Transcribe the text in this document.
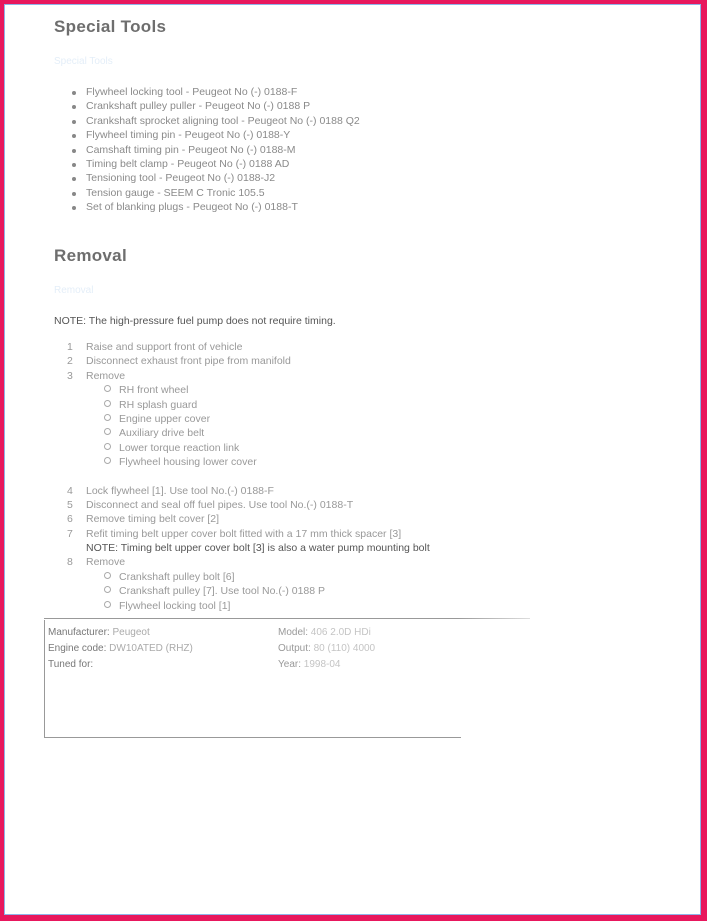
Special Tools
Special Tools
Flywheel locking tool - Peugeot No (-) 0188-F
Crankshaft pulley puller - Peugeot No (-) 0188 P
Crankshaft sprocket aligning tool - Peugeot No (-) 0188 Q2
Flywheel timing pin - Peugeot No (-) 0188-Y
Camshaft timing pin - Peugeot No (-) 0188-M
Timing belt clamp - Peugeot No (-) 0188 AD
Tensioning tool - Peugeot No (-) 0188-J2
Tension gauge - SEEM C Tronic 105.5
Set of blanking plugs - Peugeot No (-) 0188-T
Removal
Removal
NOTE: The high-pressure fuel pump does not require timing.
1 Raise and support front of vehicle
2 Disconnect exhaust front pipe from manifold
3 Remove
RH front wheel
RH splash guard
Engine upper cover
Auxiliary drive belt
Lower torque reaction link
Flywheel housing lower cover
4 Lock flywheel [1]. Use tool No.(-) 0188-F
5 Disconnect and seal off fuel pipes. Use tool No.(-) 0188-T
6 Remove timing belt cover [2]
7 Refit timing belt upper cover bolt fitted with a 17 mm thick spacer [3]
NOTE: Timing belt upper cover bolt [3] is also a water pump mounting bolt
8 Remove
Crankshaft pulley bolt [6]
Crankshaft pulley [7]. Use tool No.(-) 0188 P
Flywheel locking tool [1]
Manufacturer: Peugeot
Engine code: DW10ATED (RHZ)
Tuned for:
Model: 406 2.0D HDi
Output: 80 (110) 4000
Year: 1998-04
